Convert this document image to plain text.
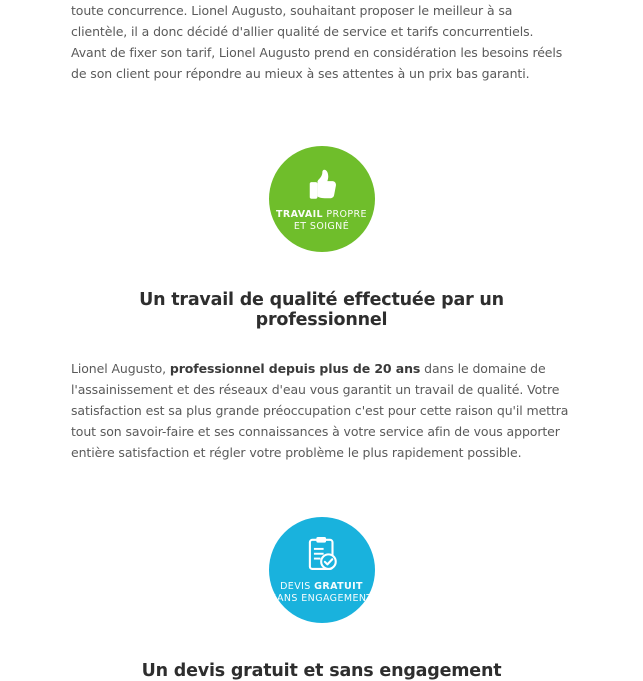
toute concurrence. Lionel Augusto, souhaitant proposer le meilleur à sa clientèle, il a donc décidé d'allier qualité de service et tarifs concurrentiels. Avant de fixer son tarif, Lionel Augusto prend en considération les besoins réels de son client pour répondre au mieux à ses attentes à un prix bas garanti.

TRAVAIL PROPRE
ET SOIGNÉ
Un travail de qualité effectuée par un professionnel

Lionel Augusto, professionnel depuis plus de 20 ans dans le domaine de l'assainissement et des réseaux d'eau vous garantit un travail de qualité. Votre satisfaction est sa plus grande préoccupation c'est pour cette raison qu'il mettra tout son savoir-faire et ses connaissances à votre service afin de vous apporter entière satisfaction et régler votre problème le plus rapidement possible.

DEVIS GRATUIT
SANS ENGAGEMENT
Un devis gratuit et sans engagement
